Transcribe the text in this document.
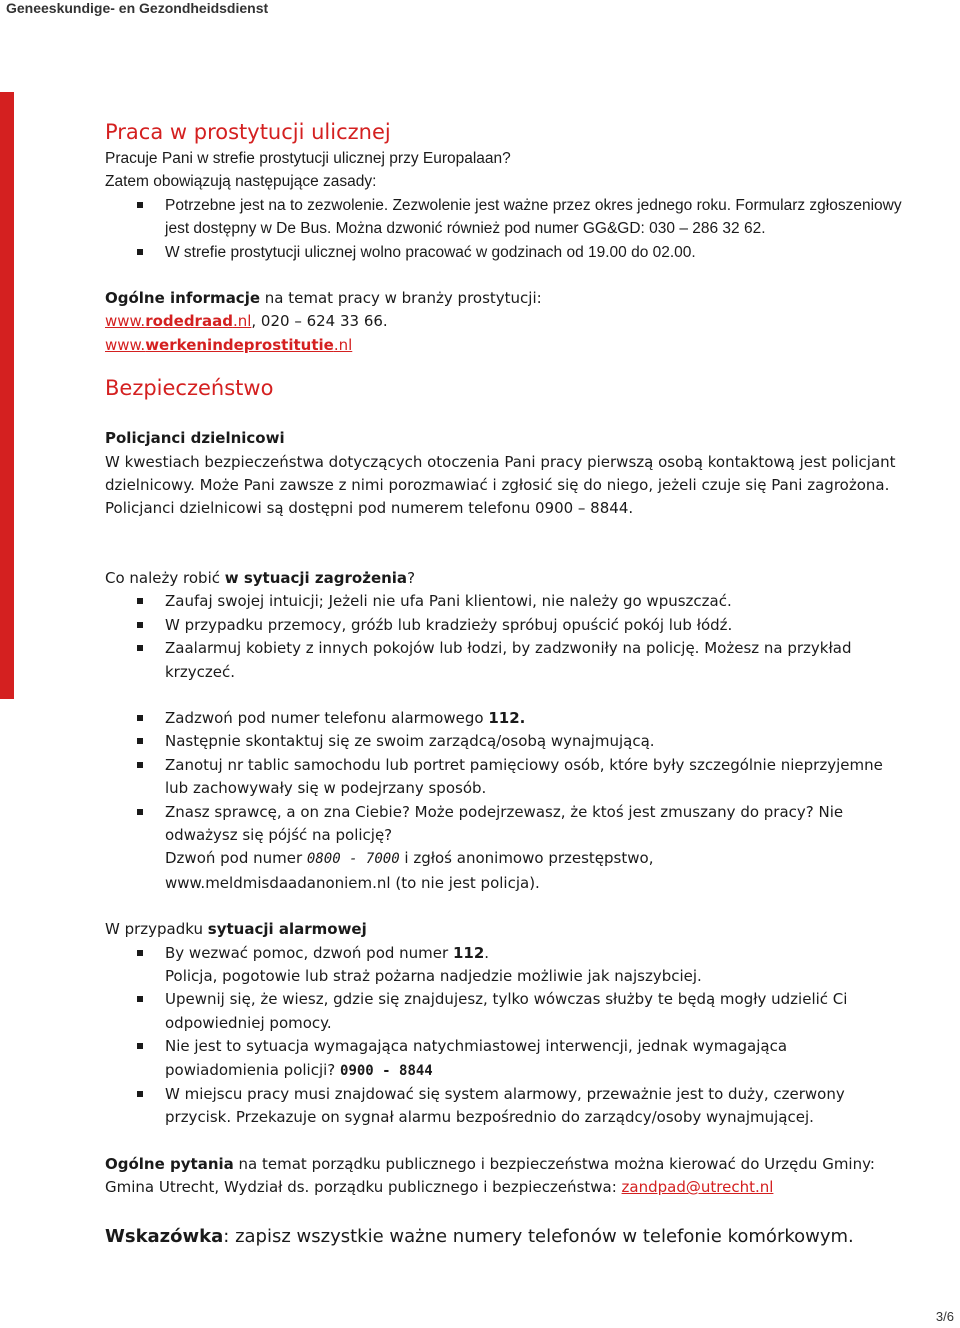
Geneeskundige- en Gezondheidsdienst
Praca w prostytucji ulicznej

Pracuje Pani w strefie prostytucji ulicznej przy Europalaan?

Zatem obowiązują następujące zasady:

Potrzebne jest na to zezwolenie. Zezwolenie jest ważne przez okres jednego roku. Formularz zgłoszeniowy jest dostępny w De Bus. Można dzwonić również pod numer GG&GD: 030 – 286 32 62.
W strefie prostytucji ulicznej wolno pracować w godzinach od 19.00 do 02.00.

Ogólne informacje na temat pracy w branży prostytucji:

www.rodedraad.nl, 020 – 624 33 66.

www.werkenindeprostitutie.nl

Bezpieczeństwo

Policjanci dzielnicowi

W kwestiach bezpieczeństwa dotyczących otoczenia Pani pracy pierwszą osobą kontaktową jest policjant dzielnicowy. Może Pani zawsze z nimi porozmawiać i zgłosić się do niego, jeżeli czuje się Pani zagrożona.

Policjanci dzielnicowi są dostępni pod numerem telefonu 0900 – 8844.

Co należy robić w sytuacji zagrożenia?

Zaufaj swojej intuicji; Jeżeli nie ufa Pani klientowi, nie należy go wpuszczać.
W przypadku przemocy, gróźb lub kradzieży spróbuj opuścić pokój lub łódź.
Zaalarmuj kobiety z innych pokojów lub łodzi, by zadzwoniły na policję. Możesz na przykład krzyczeć.
Zadzwoń pod numer telefonu alarmowego 112.
Następnie skontaktuj się ze swoim zarządcą/osobą wynajmującą.
Zanotuj nr tablic samochodu lub portret pamięciowy osób, które były szczególnie nieprzyjemne lub zachowywały się w podejrzany sposób.
Znasz sprawcę, a on zna Ciebie? Może podejrzewasz, że ktoś jest zmuszany do pracy? Nie odważysz się pójść na policję?
Dzwoń pod numer 0800 - 7000 i zgłoś anonimowo przestępstwo,
www.meldmisdaadanoniem.nl (to nie jest policja).

W przypadku sytuacji alarmowej

By wezwać pomoc, dzwoń pod numer 112.
Policja, pogotowie lub straż pożarna nadjedzie możliwie jak najszybciej.
Upewnij się, że wiesz, gdzie się znajdujesz, tylko wówczas służby te będą mogły udzielić Ci odpowiedniej pomocy.
Nie jest to sytuacja wymagająca natychmiastowej interwencji, jednak wymagająca powiadomienia policji? 0900 - 8844
W miejscu pracy musi znajdować się system alarmowy, przeważnie jest to duży, czerwony przycisk. Przekazuje on sygnał alarmu bezpośrednio do zarządcy/osoby wynajmującej.

Ogólne pytania na temat porządku publicznego i bezpieczeństwa można kierować do Urzędu Gminy: Gmina Utrecht, Wydział ds. porządku publicznego i bezpieczeństwa: zandpad@utrecht.nl

Wskazówka: zapisz wszystkie ważne numery telefonów w telefonie komórkowym.

3/6
